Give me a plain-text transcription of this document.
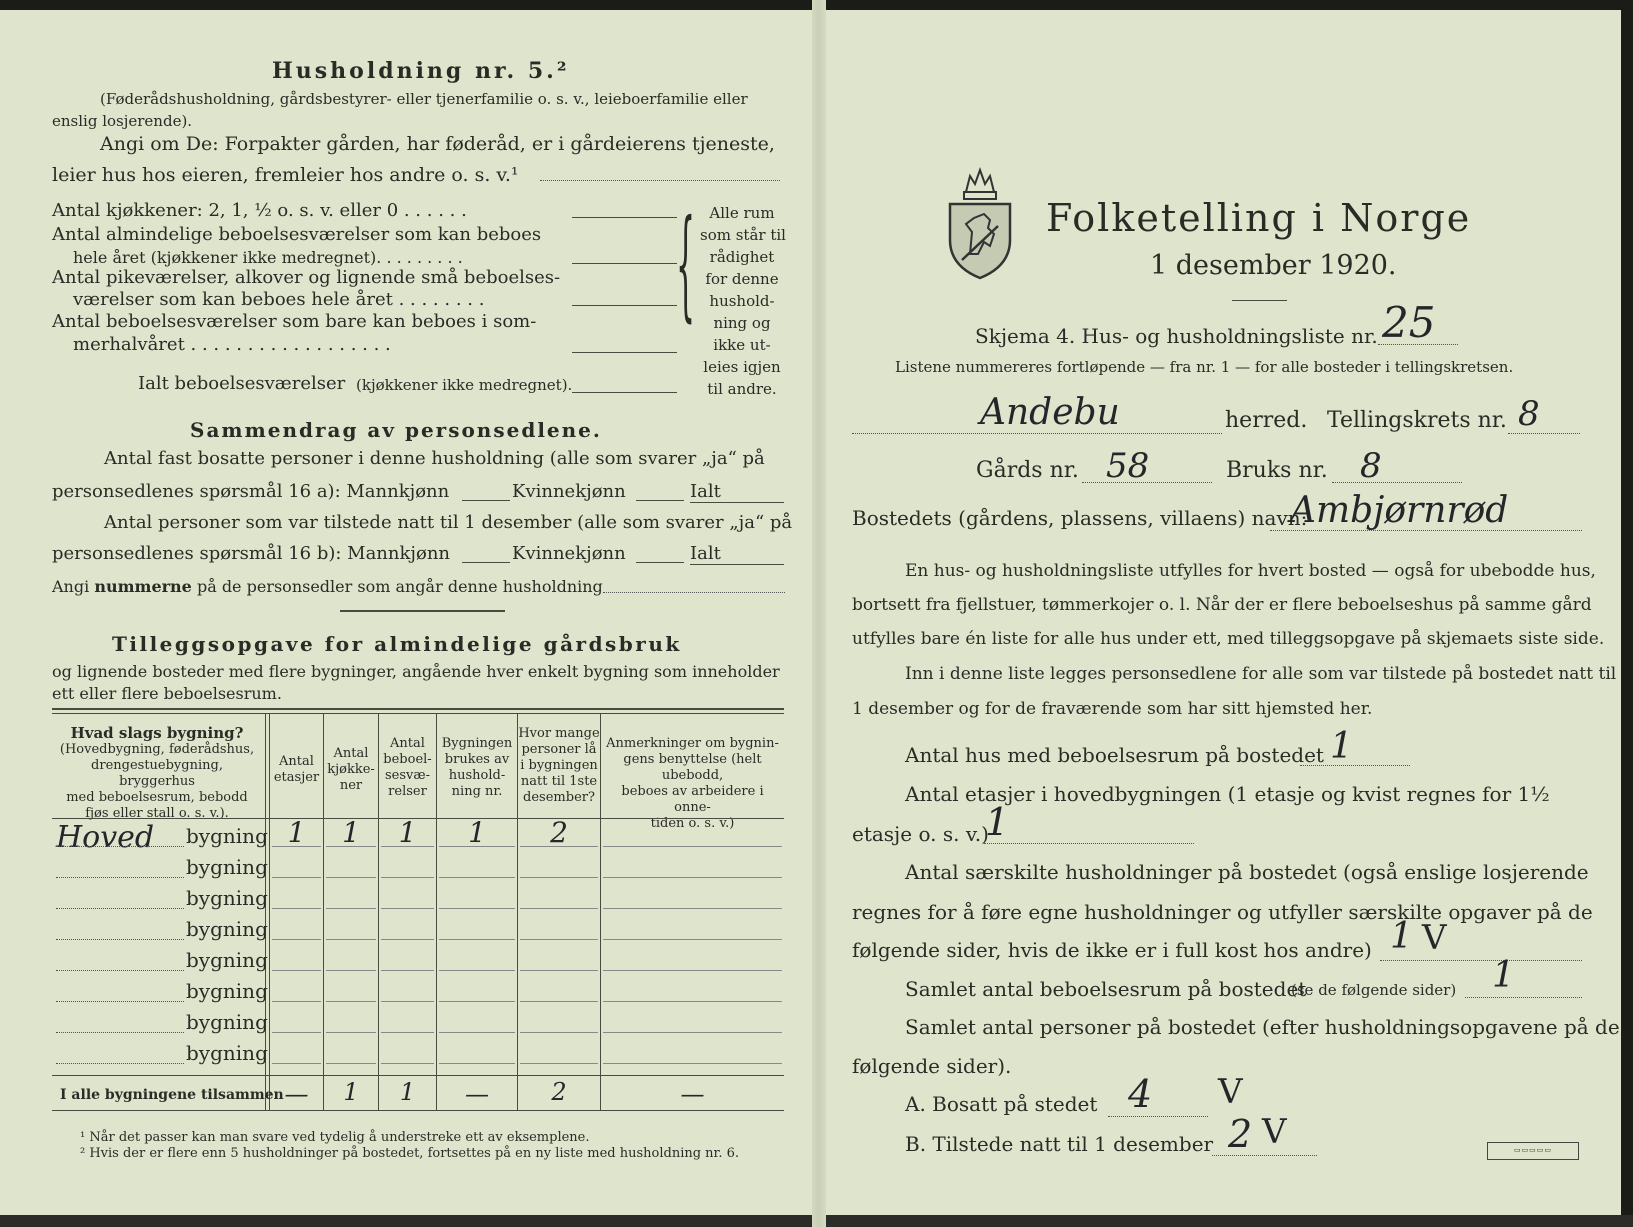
Husholdning nr. 5.²
(Føderådshusholdning, gårdsbestyrer- eller tjenerfamilie o. s. v., leieboerfamilie eller
enslig losjerende).
Angi om De: Forpakter gården, har føderåd, er i gårdeierens tjeneste,
leier hus hos eieren, fremleier hos andre o. s. v.¹
Antal kjøkkener: 2, 1, ½ o. s. v. eller 0 . . . . . .
Antal almindelige beboelsesværelser som kan beboes
hele året (kjøkkener ikke medregnet). . . . . . . . .
Antal pikeværelser, alkover og lignende små beboelses-
værelser som kan beboes hele året . . . . . . . .
Antal beboelsesværelser som bare kan beboes i som-
merhalvåret . . . . . . . . . . . . . . . . . .
Ialt beboelsesværelser (kjøkkener ikke medregnet).
{ Alle rum
som står til
rådighet
for denne
hushold-
ning og
ikke ut-
leies igjen
til andre.
Sammendrag av personsedlene.
Antal fast bosatte personer i denne husholdning (alle som svarer „ja“ på
personsedlenes spørsmål 16 a): Mannkjønn	Kvinnekjønn	Ialt
Antal personer som var tilstede natt til 1 desember (alle som svarer „ja“ på
personsedlenes spørsmål 16 b): Mannkjønn	Kvinnekjønn	Ialt
Angi nummerne på de personsedler som angår denne husholdning
Tilleggsopgave for almindelige gårdsbruk
og lignende bosteder med flere bygninger, angående hver enkelt bygning som inneholder
ett eller flere beboelsesrum.
Hvad slags bygning?
(Hovedbygning, føderådshus,
drengestuebygning, bryggerhus
med beboelsesrum, bebodd
fjøs eller stall o. s. v.).
Antal
etasjer
Antal
kjøkke-
ner
Antal
beboel-
sesvæ-
relser
Bygningen
brukes av
hushold-
ning nr.
Hvor mange
personer lå
i bygningen
natt til 1ste
desember?
Anmerkninger om bygnin-
gens benyttelse (helt ubebodd,
beboes av arbeidere i onne-
tiden o. s. v.)
Hoved bygning 1	1	1	1	2
bygning
bygning
bygning
bygning
bygning
bygning
bygning
I alle bygningene tilsammen —	1	1	—	2	—
¹ Når det passer kan man svare ved tydelig å understreke ett av eksemplene.
² Hvis der er flere enn 5 husholdninger på bostedet, fortsettes på en ny liste med husholdning nr. 6.
Folketelling i Norge
1 desember 1920.
Skjema 4. Hus- og husholdningsliste nr. 25
Listene nummereres fortløpende — fra nr. 1 — for alle bosteder i tellingskretsen.
Andebu	herred. Tellingskrets nr. 8
Gårds nr. 58	Bruks nr. 8
Bostedets (gårdens, plassens, villaens) navn:
Ambjørnrød
En hus- og husholdningsliste utfylles for hvert bosted — også for ubebodde hus,
bortsett fra fjellstuer, tømmerkojer o. l. Når der er flere beboelseshus på samme gård
utfylles bare én liste for alle hus under ett, med tilleggsopgave på skjemaets siste side.
Inn i denne liste legges personsedlene for alle som var tilstede på bostedet natt til
1 desember og for de fraværende som har sitt hjemsted her.
Antal hus med beboelsesrum på bostedet 1
Antal etasjer i hovedbygningen (1 etasje og kvist regnes for 1½
etasje o. s. v.)
1
Antal særskilte husholdninger på bostedet (også enslige losjerende
regnes for å føre egne husholdninger og utfyller særskilte opgaver på de
følgende sider, hvis de ikke er i full kost hos andre) 1 V
Samlet antal beboelsesrum på bostedet
(se de følgende sider) 1
Samlet antal personer på bostedet (efter husholdningsopgavene på de
følgende sider).
A. Bosatt på stedet 4 V
B. Tilstede natt til 1 desember 2 V	▭▭▭▭▭
